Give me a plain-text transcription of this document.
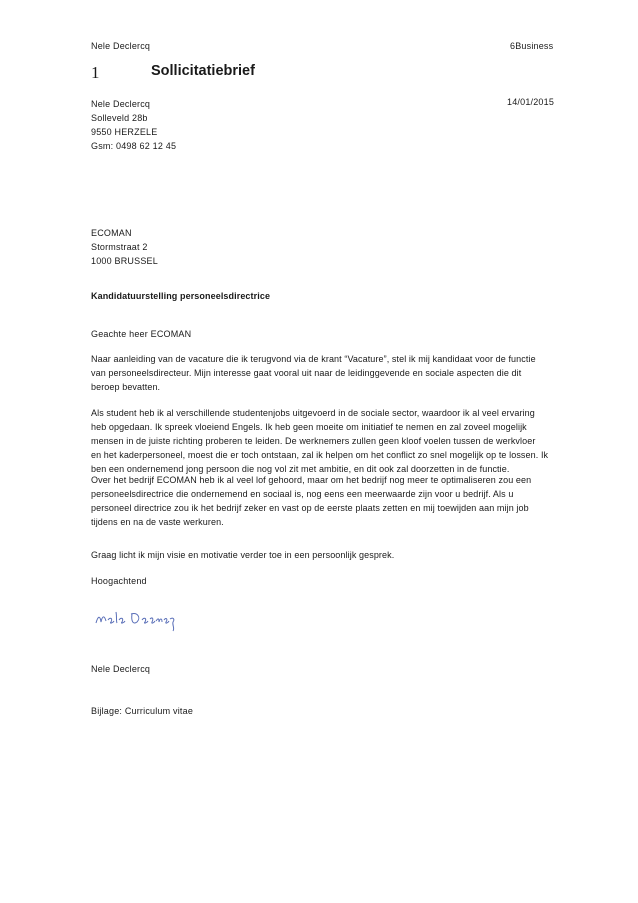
Nele Declercq	6Business
1	Sollicitatiebrief
Nele Declercq
Solleveld 28b
9550 HERZELE
Gsm: 0498 62 12 45
14/01/2015
ECOMAN
Stormstraat 2
1000 BRUSSEL
Kandidatuurstelling personeelsdirectrice
Geachte heer ECOMAN
Naar aanleiding van de vacature die ik terugvond via de krant “Vacature”, stel ik mij kandidaat voor de functie
van personeelsdirecteur. Mijn interesse gaat vooral uit naar de leidinggevende en sociale aspecten die dit
beroep bevatten.
Als student heb ik al verschillende studentenjobs uitgevoerd in de sociale sector, waardoor ik al veel ervaring
heb opgedaan. Ik spreek vloeiend Engels. Ik heb geen moeite om initiatief te nemen en zal zoveel mogelijk
mensen in de juiste richting proberen te leiden. De werknemers zullen geen kloof voelen tussen de werkvloer
en het kaderpersoneel, moest die er toch ontstaan, zal ik helpen om het conflict zo snel mogelijk op te lossen. Ik
ben een ondernemend jong persoon die nog vol zit met ambitie, en dit ook zal doorzetten in de functie.
Over het bedrijf ECOMAN heb ik al veel lof gehoord, maar om het bedrijf nog meer te optimaliseren zou een
personeelsdirectrice die ondernemend en sociaal is, nog eens een meerwaarde zijn voor u bedrijf. Als u
personeel directrice zou ik het bedrijf zeker en vast op de eerste plaats zetten en mij toewijden aan mijn job
tijdens en na de vaste werkuren.
Graag licht ik mijn visie en motivatie verder toe in een persoonlijk gesprek.
Hoogachtend
Nele Declercq
Bijlage: Curriculum vitae
